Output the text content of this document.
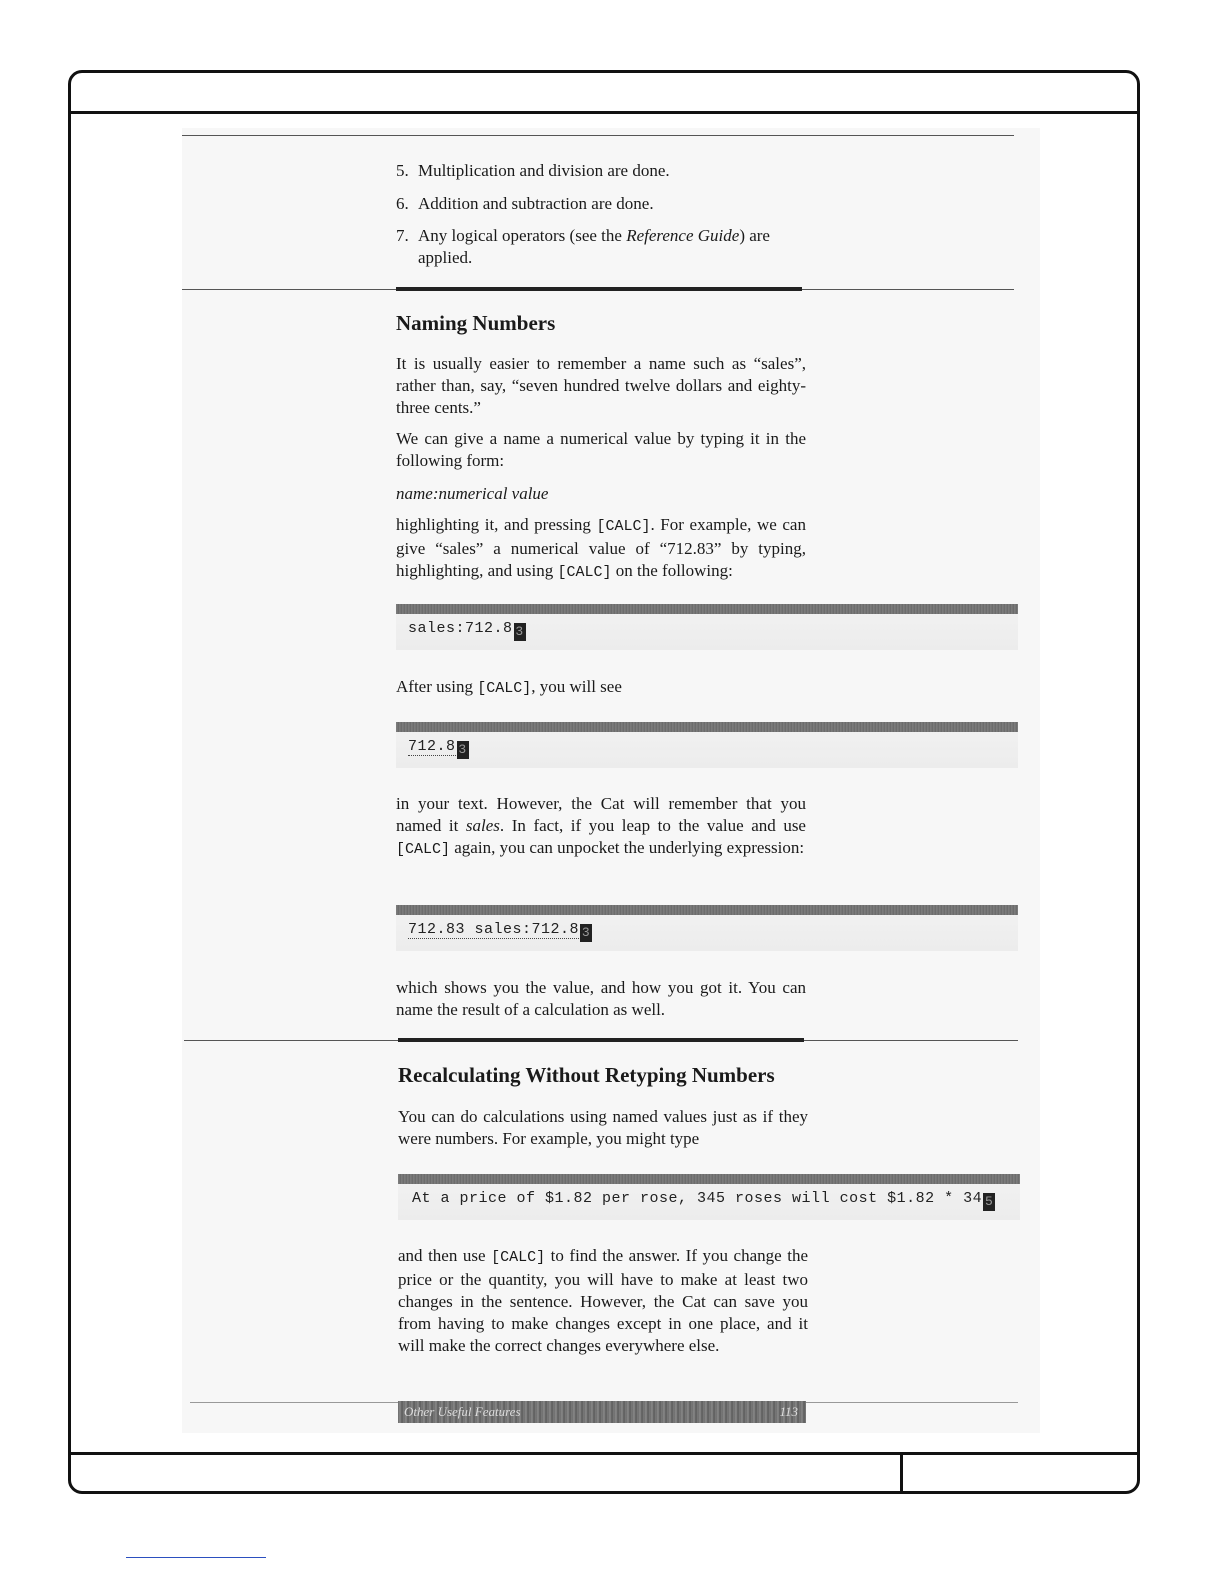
5. Multiplication and division are done.
6. Addition and subtraction are done.
7. Any logical operators (see the Reference Guide) are
applied.
Naming Numbers
It is usually easier to remember a name such as “sales”, rather than, say, “seven hundred twelve dollars and eighty-three cents.”
We can give a name a numerical value by typing it in the following form:
name:numerical value
highlighting it, and pressing [CALC]. For example, we can give “sales” a numerical value of “712.83” by typing, highlighting, and using [CALC] on the following:
sales:712.8 3
After using [CALC], you will see
712.8 3
in your text. However, the Cat will remember that you named it sales. In fact, if you leap to the value and use [CALC] again, you can unpocket the underlying expression:
712.83 sales:712.8 3
which shows you the value, and how you got it. You can name the result of a calculation as well.
Recalculating Without Retyping Numbers
You can do calculations using named values just as if they were numbers. For example, you might type
At a price of $1.82 per rose, 345 roses will cost $1.82 * 34 5
and then use [CALC] to find the answer. If you change the price or the quantity, you will have to make at least two changes in the sentence. However, the Cat can save you from having to make changes except in one place, and it will make the correct changes everywhere else.
Other Useful Features	113
